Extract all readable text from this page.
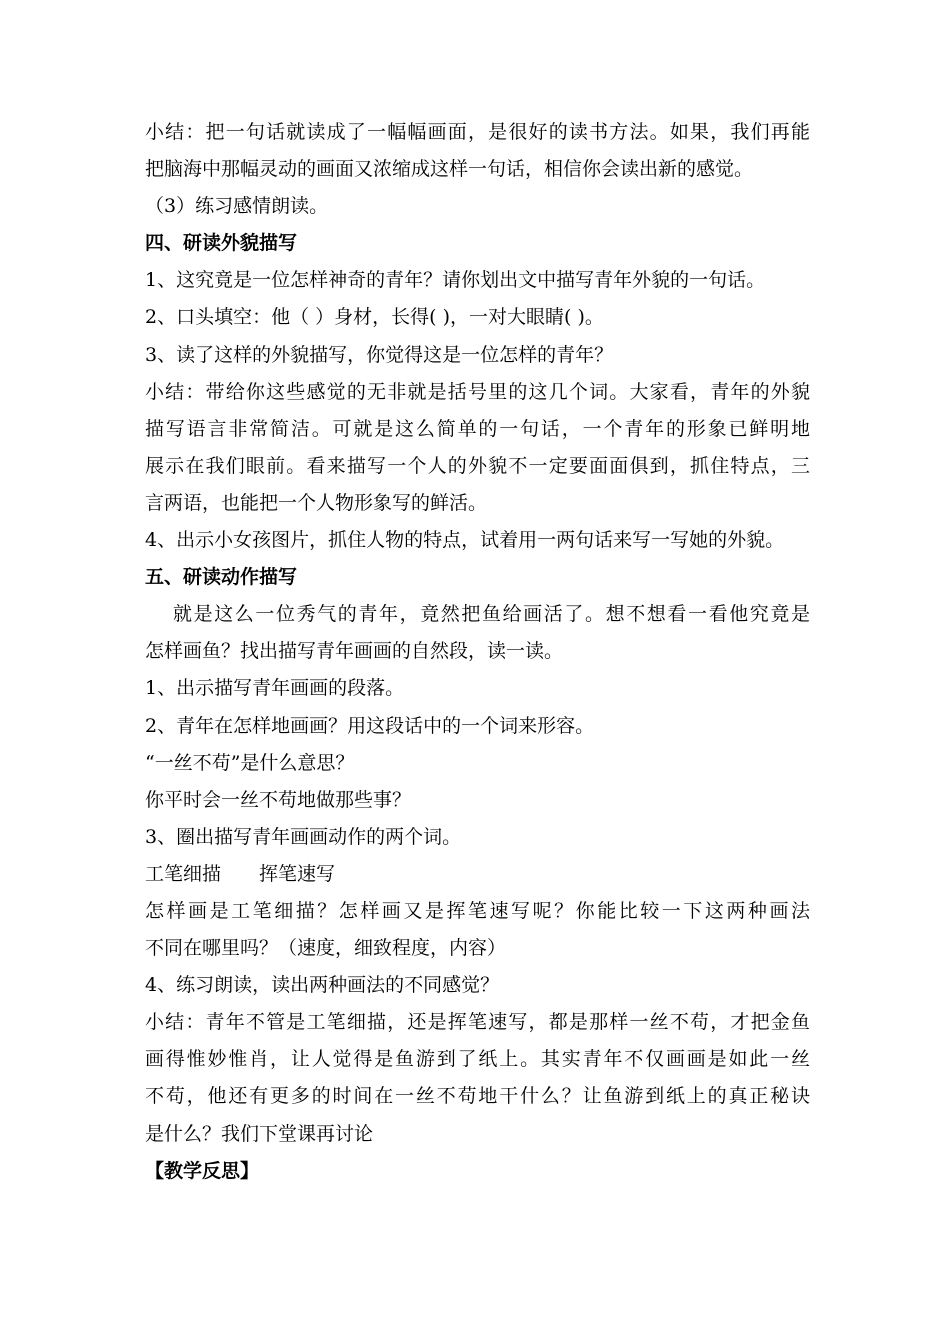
小结：把一句话就读成了一幅幅画面，是很好的读书方法。如果，我们再能
把脑海中那幅灵动的画面又浓缩成这样一句话，相信你会读出新的感觉。
（3）练习感情朗读。
四、研读外貌描写
1、这究竟是一位怎样神奇的青年？请你划出文中描写青年外貌的一句话。
2、口头填空：他（ ）身材，长得( )，一对大眼睛( )。
3、读了这样的外貌描写，你觉得这是一位怎样的青年？
小结：带给你这些感觉的无非就是括号里的这几个词。大家看，青年的外貌
描写语言非常简洁。可就是这么简单的一句话，一个青年的形象已鲜明地
展示在我们眼前。看来描写一个人的外貌不一定要面面俱到，抓住特点，三
言两语，也能把一个人物形象写的鲜活。
4、出示小女孩图片，抓住人物的特点，试着用一两句话来写一写她的外貌。
五、研读动作描写
就是这么一位秀气的青年，竟然把鱼给画活了。想不想看一看他究竟是
怎样画鱼？找出描写青年画画的自然段，读一读。
1、出示描写青年画画的段落。
2、青年在怎样地画画？用这段话中的一个词来形容。
“一丝不苟”是什么意思？
你平时会一丝不苟地做那些事？
3、圈出描写青年画画动作的两个词。
工笔细描 挥笔速写
怎样画是工笔细描？怎样画又是挥笔速写呢？你能比较一下这两种画法
不同在哪里吗？（速度，细致程度，内容）
4、练习朗读，读出两种画法的不同感觉？
小结：青年不管是工笔细描，还是挥笔速写，都是那样一丝不苟，才把金鱼
画得惟妙惟肖，让人觉得是鱼游到了纸上。其实青年不仅画画是如此一丝
不苟，他还有更多的时间在一丝不苟地干什么？让鱼游到纸上的真正秘诀
是什么？我们下堂课再讨论
【教学反思】
